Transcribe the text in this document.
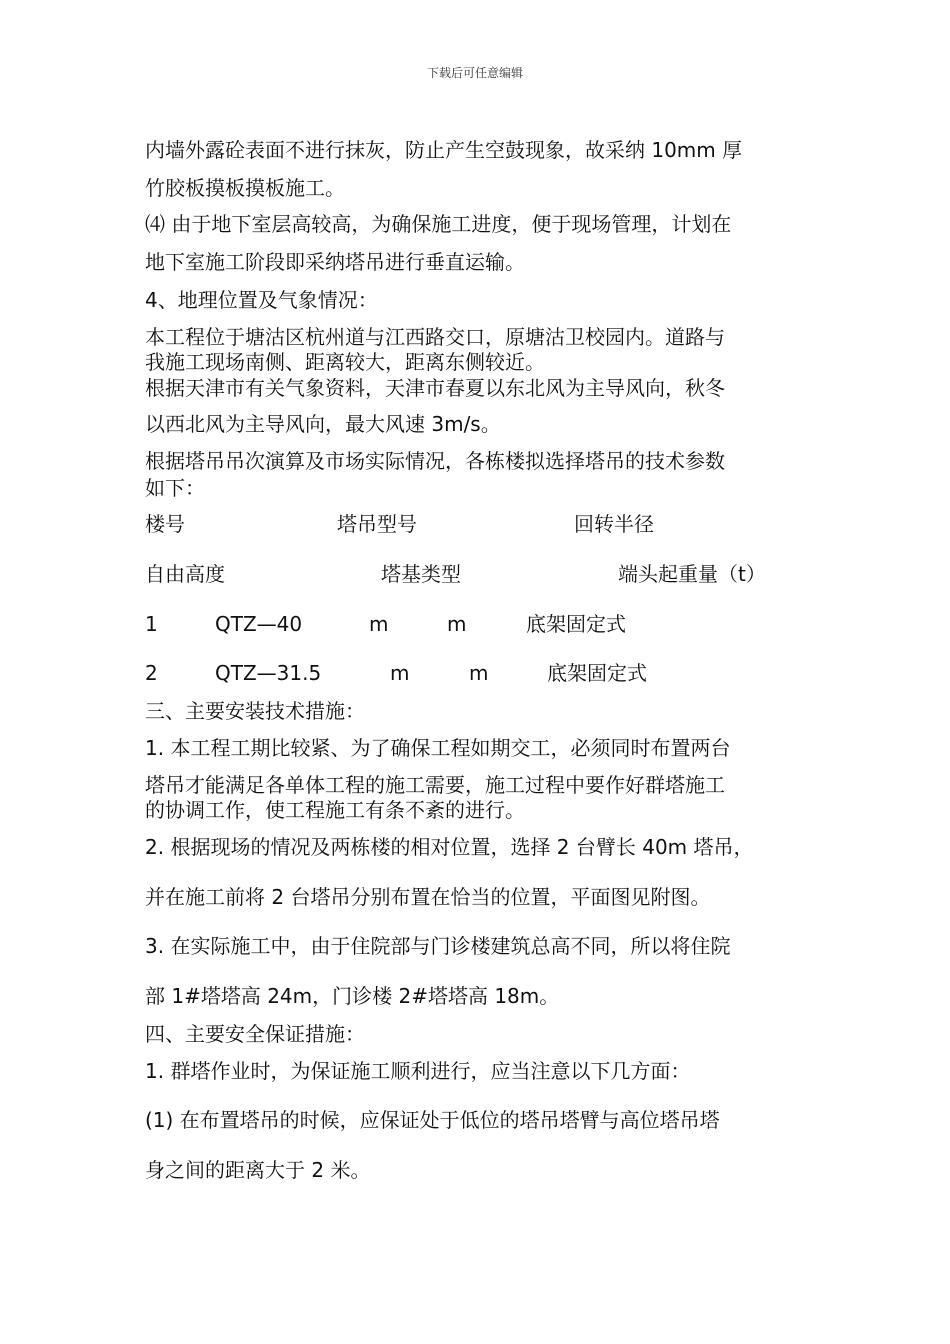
下载后可任意编辑

内墙外露砼表面不进行抹灰，防止产生空鼓现象，故采纳 10mm 厚

竹胶板摸板摸板施工。

⑷ 由于地下室层高较高，为确保施工进度，便于现场管理，计划在

地下室施工阶段即采纳塔吊进行垂直运输。

4、地理位置及气象情况：

本工程位于塘沽区杭州道与江西路交口，原塘沽卫校园内。道路与

我施工现场南侧、距离较大，距离东侧较近。

根据天津市有关气象资料，天津市春夏以东北风为主导风向，秋冬

以西北风为主导风向，最大风速 3m/s。

根据塔吊吊次演算及市场实际情况，各栋楼拟选择塔吊的技术参数

如下：

楼号	塔吊型号	回转半径
自由高度	塔基类型	端头起重量（t）
1	QTZ—40	m	m	底架固定式
2	QTZ—31.5	m	m	底架固定式

三、主要安装技术措施：

1. 本工程工期比较紧、为了确保工程如期交工，必须同时布置两台

塔吊才能满足各单体工程的施工需要，施工过程中要作好群塔施工

的协调工作，使工程施工有条不紊的进行。

2. 根据现场的情况及两栋楼的相对位置，选择 2 台臂长 40m 塔吊，

并在施工前将 2 台塔吊分别布置在恰当的位置，平面图见附图。

3. 在实际施工中，由于住院部与门诊楼建筑总高不同，所以将住院

部 1#塔塔高 24m，门诊楼 2#塔塔高 18m。

四、主要安全保证措施：

1. 群塔作业时，为保证施工顺利进行，应当注意以下几方面：

(1) 在布置塔吊的时候，应保证处于低位的塔吊塔臂与高位塔吊塔

身之间的距离大于 2 米。
